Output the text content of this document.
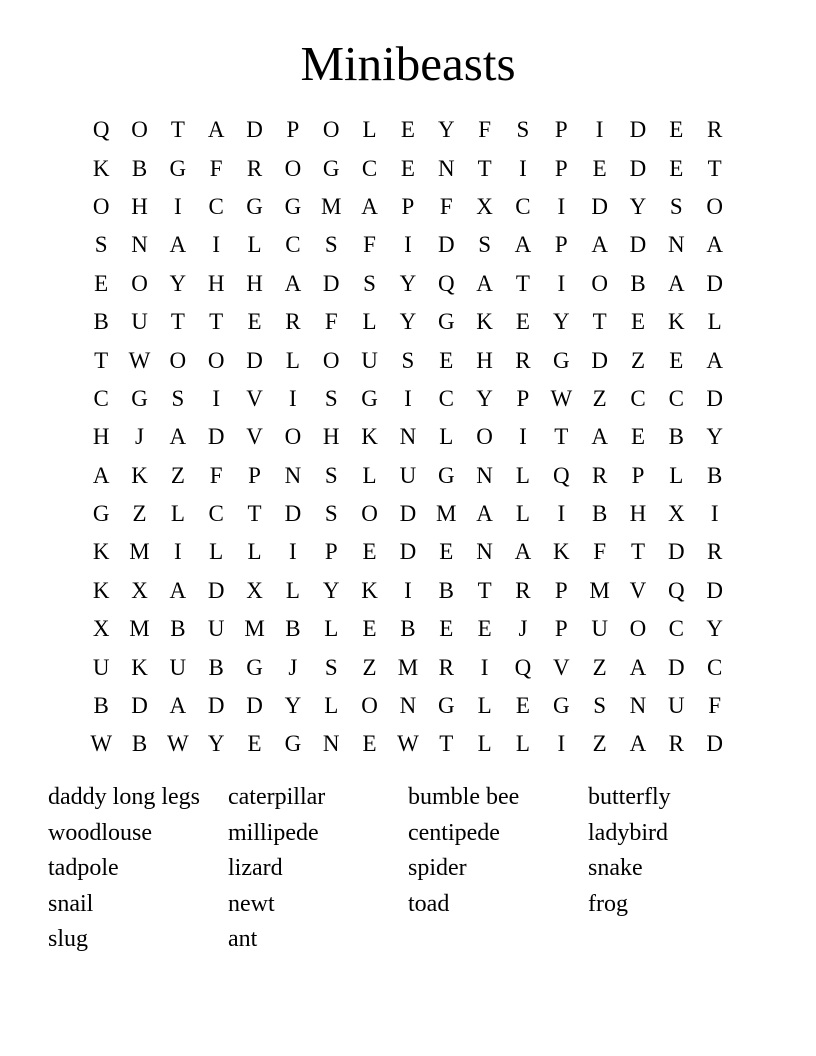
Minibeasts
Q O	T	A D	P	O	L	E	Y	F	S	P	I	D	E	R
K B G	F	R O G C	E	N	T	I	P	E	D	E	T
O H	I	C G G M A	P	F	X C	I	D Y	S	O
S	N A	I	L	C	S	F	I	D	S	A	P	A D N A
E	O Y H H A D	S	Y Q A	T	I	O B A D
B U	T	T	E	R	F	L	Y G K	E	Y	T	E	K	L
T W O O D	L	O U	S	E	H R G D	Z	E	A
C G	S	I	V	I	S	G	I	C Y	P W Z	C	C D
H	J	A D V O H K N	L	O	I	T	A	E	B Y
A K	Z	F	P	N	S	L	U G N	L	Q R	P	L	B
G	Z	L	C	T	D	S	O D M A	L	I	B H X	I
K M	I	L	L	I	P	E	D	E	N A K	F	T	D R
K X A D X	L	Y K	I	B	T	R	P M V Q D
X M B U M B	L	E	B	E	E	J	P	U O C Y
U K U B G	J	S	Z M R	I	Q V	Z	A D C
B D A D D Y	L	O N G	L	E	G	S	N U	F
W B W Y	E	G N	E W T	L	L	I	Z	A R D
daddy long legs	caterpillar	bumble bee	butterfly
woodlouse	millipede	centipede	ladybird
tadpole	lizard	spider	snake
snail	newt	toad	frog
slug	ant
